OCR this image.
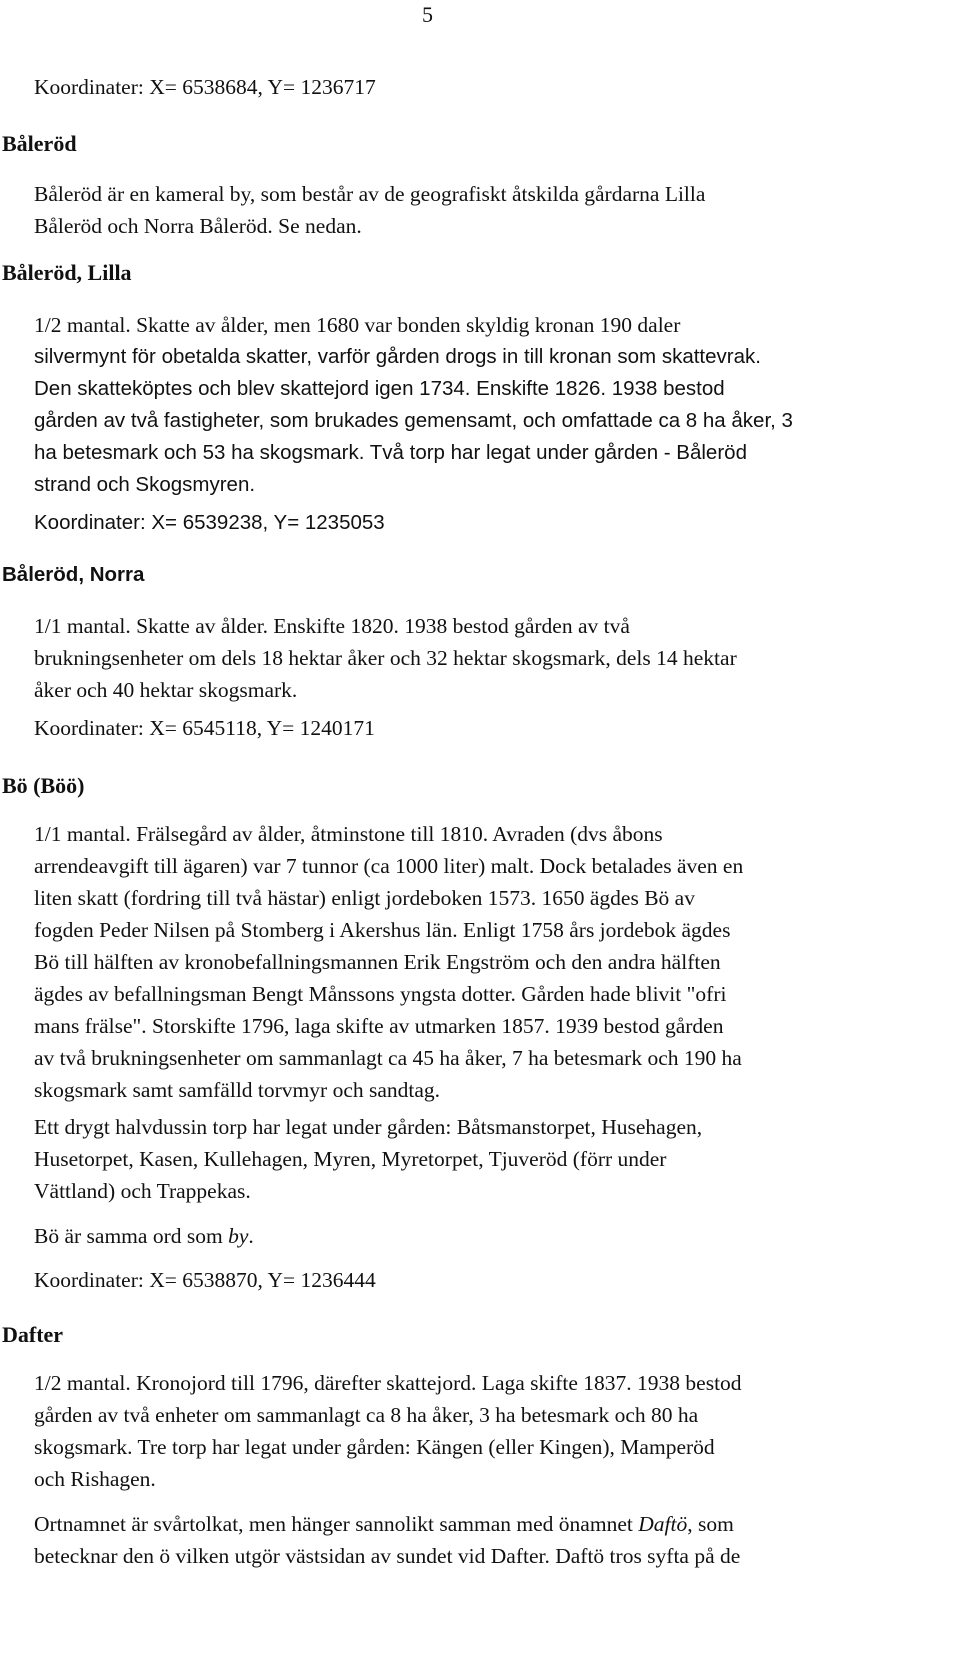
5
Koordinater: X= 6538684, Y= 1236717
Båleröd
Båleröd är en kameral by, som består av de geografiskt åtskilda gårdarna Lilla
Båleröd och Norra Båleröd. Se nedan.
Båleröd, Lilla
1/2 mantal. Skatte av ålder, men 1680 var bonden skyldig kronan 190 daler
silvermynt för obetalda skatter, varför gården drogs in till kronan som skattevrak.
Den skatteköptes och blev skattejord igen 1734. Enskifte 1826. 1938 bestod
gården av två fastigheter, som brukades gemensamt, och omfattade ca 8 ha åker, 3
ha betesmark och 53 ha skogsmark. Två torp har legat under gården - Båleröd
strand och Skogsmyren.
Koordinater: X= 6539238, Y= 1235053
Båleröd, Norra
1/1 mantal. Skatte av ålder. Enskifte 1820. 1938 bestod gården av två
brukningsenheter om dels 18 hektar åker och 32 hektar skogsmark, dels 14 hektar
åker och 40 hektar skogsmark.
Koordinater: X= 6545118, Y= 1240171
Bö (Böö)
1/1 mantal. Frälsegård av ålder, åtminstone till 1810. Avraden (dvs åbons
arrendeavgift till ägaren) var 7 tunnor (ca 1000 liter) malt. Dock betalades även en
liten skatt (fordring till två hästar) enligt jordeboken 1573. 1650 ägdes Bö av
fogden Peder Nilsen på Stomberg i Akershus län. Enligt 1758 års jordebok ägdes
Bö till hälften av kronobefallningsmannen Erik Engström och den andra hälften
ägdes av befallningsman Bengt Månssons yngsta dotter. Gården hade blivit "ofri
mans frälse". Storskifte 1796, laga skifte av utmarken 1857. 1939 bestod gården
av två brukningsenheter om sammanlagt ca 45 ha åker, 7 ha betesmark och 190 ha
skogsmark samt samfälld torvmyr och sandtag.
Ett drygt halvdussin torp har legat under gården: Båtsmanstorpet, Husehagen,
Husetorpet, Kasen, Kullehagen, Myren, Myretorpet, Tjuveröd (förr under
Vättland) och Trappekas.
Bö är samma ord som by.
Koordinater: X= 6538870, Y= 1236444
Dafter
1/2 mantal. Kronojord till 1796, därefter skattejord. Laga skifte 1837. 1938 bestod
gården av två enheter om sammanlagt ca 8 ha åker, 3 ha betesmark och 80 ha
skogsmark. Tre torp har legat under gården: Kängen (eller Kingen), Mamperöd
och Rishagen.
Ortnamnet är svårtolkat, men hänger sannolikt samman med önamnet Daftö, som
betecknar den ö vilken utgör västsidan av sundet vid Dafter. Daftö tros syfta på de
